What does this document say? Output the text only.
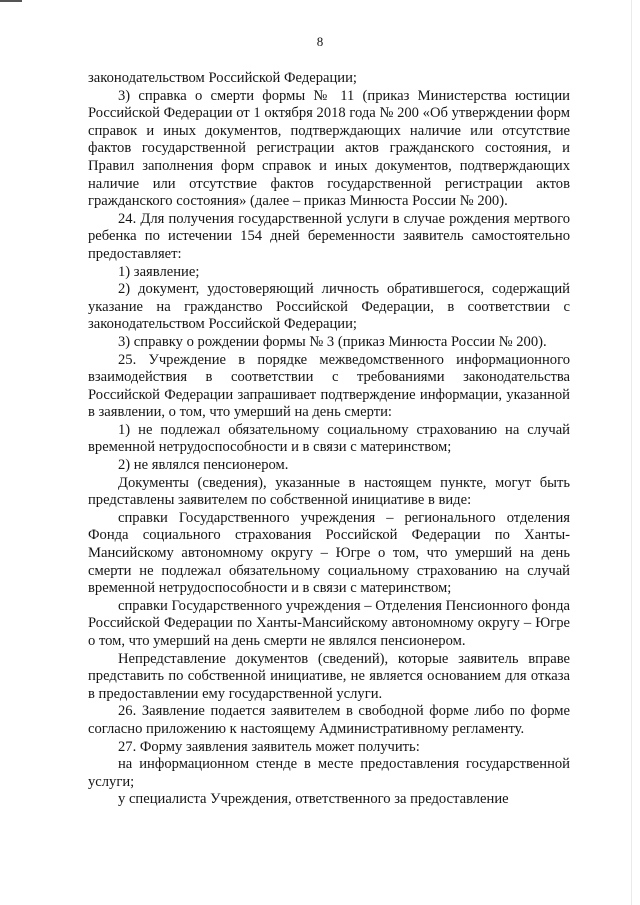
8

законодательством Российской Федерации;

3) справка о смерти формы № 11 (приказ Министерства юстиции Российской Федерации от 1 октября 2018 года № 200 «Об утверждении форм справок и иных документов, подтверждающих наличие или отсутствие фактов государственной регистрации актов гражданского состояния, и Правил заполнения форм справок и иных документов, подтверждающих наличие или отсутствие фактов государственной регистрации актов гражданского состояния» (далее – приказ Минюста России № 200).

24. Для получения государственной услуги в случае рождения мертвого ребенка по истечении 154 дней беременности заявитель самостоятельно предоставляет:

1) заявление;

2) документ, удостоверяющий личность обратившегося, содержащий указание на гражданство Российской Федерации, в соответствии с законодательством Российской Федерации;

3) справку о рождении формы № 3 (приказ Минюста России № 200).

25. Учреждение в порядке межведомственного информационного взаимодействия в соответствии с требованиями законодательства Российской Федерации запрашивает подтверждение информации, указанной в заявлении, о том, что умерший на день смерти:

1) не подлежал обязательному социальному страхованию на случай временной нетрудоспособности и в связи с материнством;

2) не являлся пенсионером.

Документы (сведения), указанные в настоящем пункте, могут быть представлены заявителем по собственной инициативе в виде:

справки Государственного учреждения – регионального отделения Фонда социального страхования Российской Федерации по Ханты-Мансийскому автономному округу – Югре о том, что умерший на день смерти не подлежал обязательному социальному страхованию на случай временной нетрудоспособности и в связи с материнством;

справки Государственного учреждения – Отделения Пенсионного фонда Российской Федерации по Ханты-Мансийскому автономному округу – Югре о том, что умерший на день смерти не являлся пенсионером.

Непредставление документов (сведений), которые заявитель вправе представить по собственной инициативе, не является основанием для отказа в предоставлении ему государственной услуги.

26. Заявление подается заявителем в свободной форме либо по форме согласно приложению к настоящему Административному регламенту.

27. Форму заявления заявитель может получить:

на информационном стенде в месте предоставления государственной услуги;

у специалиста Учреждения, ответственного за предоставление
